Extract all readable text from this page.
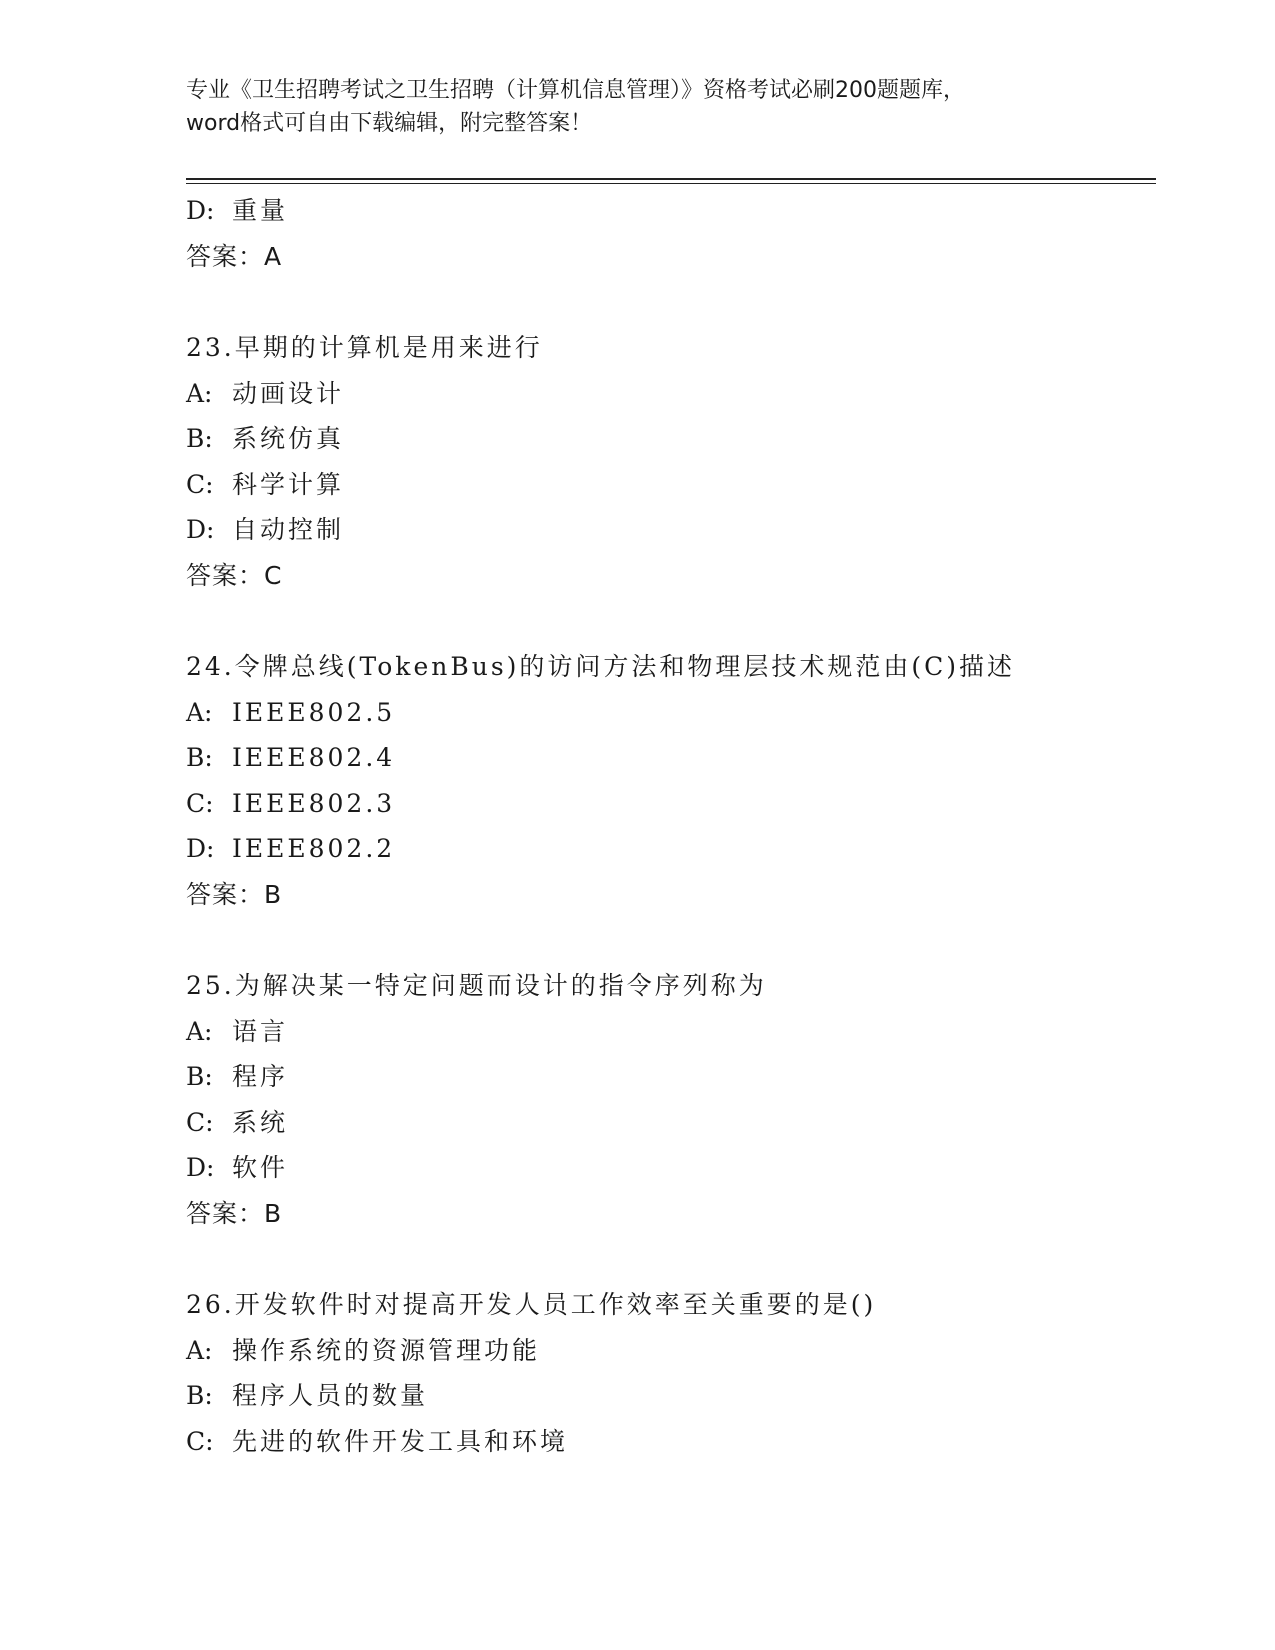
专业《卫生招聘考试之卫生招聘（计算机信息管理）》资格考试必刷200题题库，
word格式可自由下载编辑，附完整答案！
D: 重量
答案：A
23.早期的计算机是用来进行
A: 动画设计
B: 系统仿真
C: 科学计算
D: 自动控制
答案：C
24.令牌总线(TokenBus)的访问方法和物理层技术规范由(C)描述
A: IEEE802.5
B: IEEE802.4
C: IEEE802.3
D: IEEE802.2
答案：B
25.为解决某一特定问题而设计的指令序列称为
A: 语言
B: 程序
C: 系统
D: 软件
答案：B
26.开发软件时对提高开发人员工作效率至关重要的是()
A: 操作系统的资源管理功能
B: 程序人员的数量
C: 先进的软件开发工具和环境
